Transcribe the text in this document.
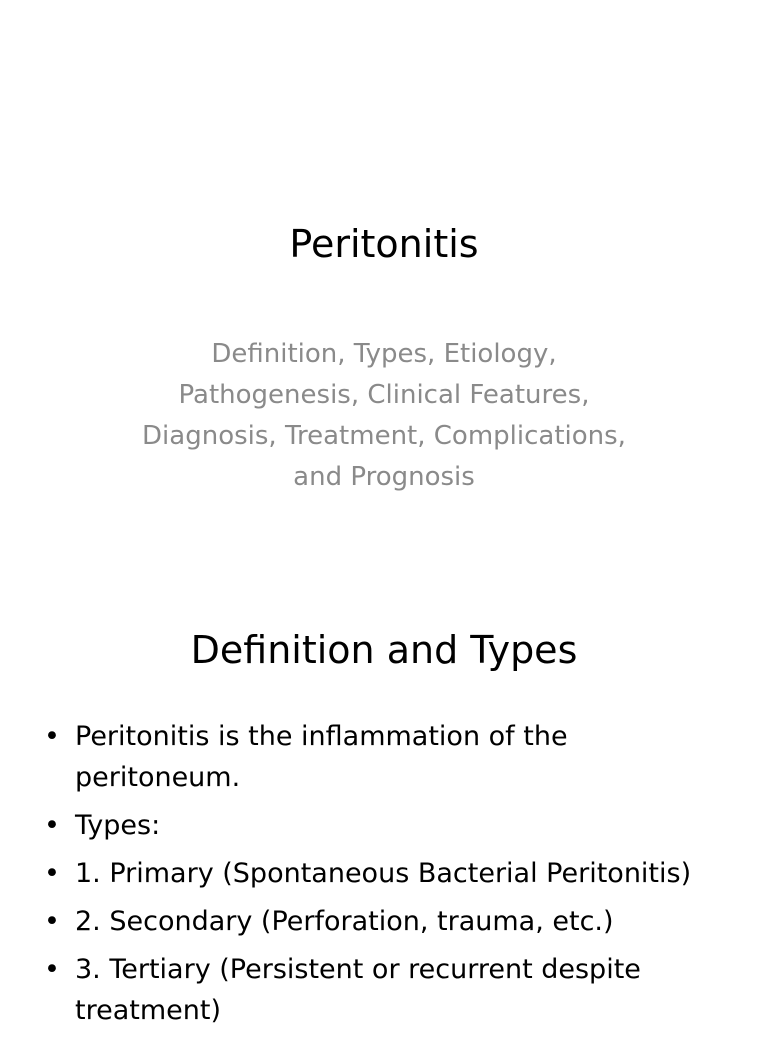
Peritonitis
Definition, Types, Etiology,
Pathogenesis, Clinical Features,
Diagnosis, Treatment, Complications,
and Prognosis
Definition and Types
• Peritonitis is the inflammation of the peritoneum.
• Types:
• 1. Primary (Spontaneous Bacterial Peritonitis)
• 2. Secondary (Perforation, trauma, etc.)
• 3. Tertiary (Persistent or recurrent despite treatment)
